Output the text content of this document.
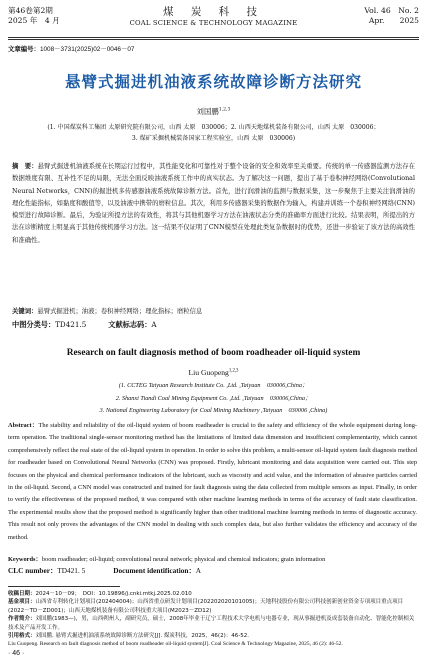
第46卷第2期
2025 年　4 月
煤 炭 科 技
COAL SCIENCE & TECHNOLOGY MAGAZINE
Vol. 46　No. 2
Apr.　　2025
文章编号：1008－3731(2025)02－0046－07
悬臂式掘进机油液系统故障诊断方法研究
刘国鹏$^{1,2,3}$
(1. 中国煤炭科工集团 太原研究院有限公司，山西 太原　030006；2. 山西天地煤机装备有限公司，山西 太原　030006；
3. 煤矿采掘机械装备国家工程实验室，山西 太原　030006)
摘　要：悬臂式掘进机油液系统在长期运行过程中，其性能变化和可靠性对于整个设备的安全和效率至关重要。传统的单一传感器监测方法存在数据维度有限、互补性不足的局限，无法全面反映油液系统工作中的真实状态。为了解决这一问题，提出了基于卷积神经网络(Convolutional Neural Networks，CNN)的掘进机多传感器油液系统故障诊断方法。首先，进行润滑油的监测与数据采集，这一步聚焦于主要关注润滑油的理化性能指标，如黏度和酸值等，以及油液中携带的磨粒信息。其次，利用多传感器采集的数据作为输入，构建并训练一个卷积神经网络(CNN)模型进行故障诊断。最后，为验证所提方法的有效性，将其与其他机器学习方法在油液状态分类的准确率方面进行比较。结果表明，所提出的方法在诊断精度上明显高于其他传统机器学习方法。这一结果不仅证明了CNN模型在处理此类复杂数据时的优势，还进一步验证了该方法的高效性和准确性。
关键词：悬臂式掘进机；油液；卷积神经网络；理化指标；磨粒信息
中图分类号：TD421.5	文献标志码：A
Research on fault diagnosis method of boom roadheader oil-liquid system
Liu Guopeng$^{1,2,3}$
(1. CCTEG Taiyuan Research Institute Co. ,Ltd. ,Taiyuan　030006,China；
2. Shanxi Tiandi Coal Mining Equipment Co. ,Ltd. ,Taiyuan　030006,China；
3. National Engineering Laboratory for Coal Mining Machinery ,Taiyuan　030006 ,China)
Abstract：The stability and reliability of the oil-liquid system of boom roadheader is crucial to the safety and efficiency of the whole equipment during long-term operation. The traditional single-sensor monitoring method has the limitations of limited data dimension and insufficient complementarity, which cannot comprehensively reflect the real state of the oil-liquid system in operation. In order to solve this problem, a multi-sensor oil-liquid system fault diagnosis method for roadheader based on Convolutional Neural Networks (CNN) was proposed. Firstly, lubricant monitoring and data acquisition were carried out. This step focuses on the physical and chemical performance indicators of the lubricant, such as viscosity and acid value, and the information of abrasive particles carried in the oil-liquid. Second, a CNN model was constructed and trained for fault diagnosis using the data collected from multiple sensors as input. Finally, in order to verify the effectiveness of the proposed method, it was compared with other machine learning methods in terms of the accuracy of fault state classification. The experimental results show that the proposed method is significantly higher than other traditional machine learning methods in terms of diagnostic accuracy. This result not only proves the advantages of the CNN model in dealing with such complex data, but also further validates the efficiency and accuracy of the method.
Keywords：boom roadheader; oil-liquid; convolutional neural network; physical and chemical indicators; grain information
CLC number：TD421. 5	Document identification：A
收稿日期：2024－10－09；　DOI：10.19896/j.cnki.mtkj.2025.02.010
基金项目：山西省专利转化计划项目(202404004)；山西省重点研发计划项目(202202020101005)；天地科技股份有限公司科技创新创业资金专项项目重点项目(2022－TD－ZD001)；山西天地煤机装备有限公司科技重大项目(M2023－ZD12)
作者简介：刘国鹏(1983—)，男，山西朔州人，副研究员，硕士，2008年毕业于辽宁工程技术大学电机与电器专业，现从事掘进机及成套装备自动化、智能化控制相关技术及产品开发工作。
引用格式：刘国鹏. 悬臂式掘进机油液系统故障诊断方法研究[J]. 煤炭科技，2025，46(2)：46-52.
Liu Guopeng. Research on fault diagnosis method of boom roadheader oil-liquid system[J]. Coal Science & Technology Magazine, 2025, 46 (2): 46-52.
· 46 ·
